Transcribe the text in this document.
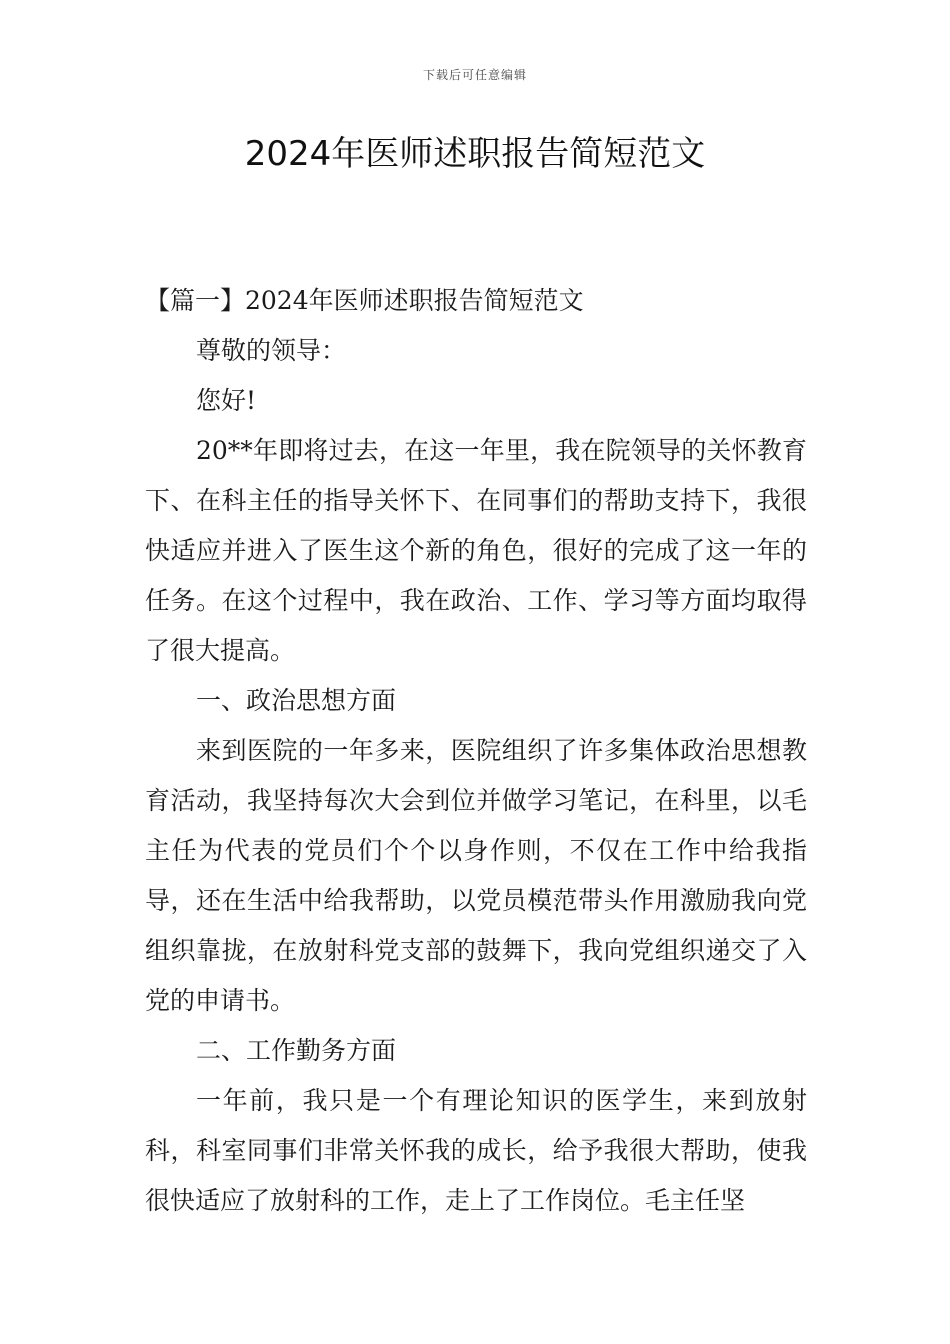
下载后可任意编辑
2024年医师述职报告简短范文

【篇一】2024年医师述职报告简短范文

尊敬的领导：

您好!

20**年即将过去，在这一年里，我在院领导的关怀教育下、在科主任的指导关怀下、在同事们的帮助支持下，我很快适应并进入了医生这个新的角色，很好的完成了这一年的任务。在这个过程中，我在政治、工作、学习等方面均取得了很大提高。

一、政治思想方面

来到医院的一年多来，医院组织了许多集体政治思想教育活动，我坚持每次大会到位并做学习笔记，在科里，以毛主任为代表的党员们个个以身作则，不仅在工作中给我指导，还在生活中给我帮助，以党员模范带头作用激励我向党组织靠拢，在放射科党支部的鼓舞下，我向党组织递交了入党的申请书。

二、工作勤务方面

一年前，我只是一个有理论知识的医学生，来到放射科，科室同事们非常关怀我的成长，给予我很大帮助，使我很快适应了放射科的工作，走上了工作岗位。毛主任坚
